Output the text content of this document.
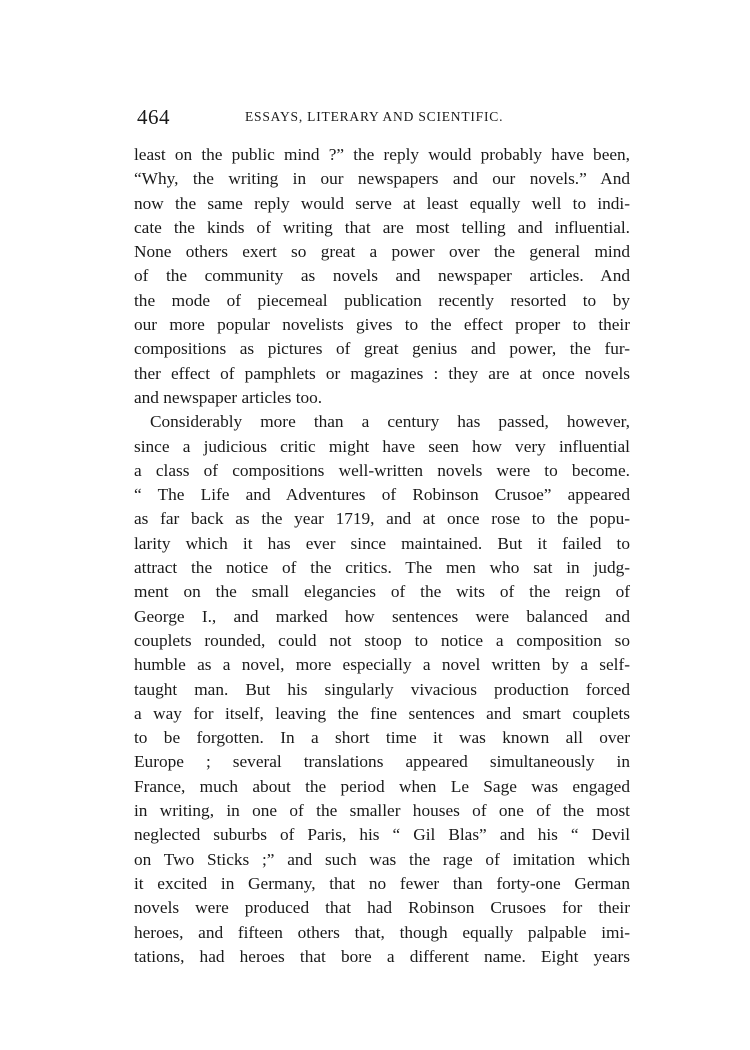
464	ESSAYS, LITERARY AND SCIENTIFIC.
least on the public mind ?” the reply would probably have been,
“Why, the writing in our newspapers and our novels.” And
now the same reply would serve at least equally well to indi-
cate the kinds of writing that are most telling and influential.
None others exert so great a power over the general mind
of the community as novels and newspaper articles. And
the mode of piecemeal publication recently resorted to by
our more popular novelists gives to the effect proper to their
compositions as pictures of great genius and power, the fur-
ther effect of pamphlets or magazines : they are at once novels
and newspaper articles too.
Considerably more than a century has passed, however,
since a judicious critic might have seen how very influential
a class of compositions well-written novels were to become.
“ The Life and Adventures of Robinson Crusoe” appeared
as far back as the year 1719, and at once rose to the popu-
larity which it has ever since maintained. But it failed to
attract the notice of the critics. The men who sat in judg-
ment on the small elegancies of the wits of the reign of
George I., and marked how sentences were balanced and
couplets rounded, could not stoop to notice a composition so
humble as a novel, more especially a novel written by a self-
taught man. But his singularly vivacious production forced
a way for itself, leaving the fine sentences and smart couplets
to be forgotten. In a short time it was known all over
Europe ; several translations appeared simultaneously in
France, much about the period when Le Sage was engaged
in writing, in one of the smaller houses of one of the most
neglected suburbs of Paris, his “ Gil Blas” and his “ Devil
on Two Sticks ;” and such was the rage of imitation which
it excited in Germany, that no fewer than forty-one German
novels were produced that had Robinson Crusoes for their
heroes, and fifteen others that, though equally palpable imi-
tations, had heroes that bore a different name. Eight years
